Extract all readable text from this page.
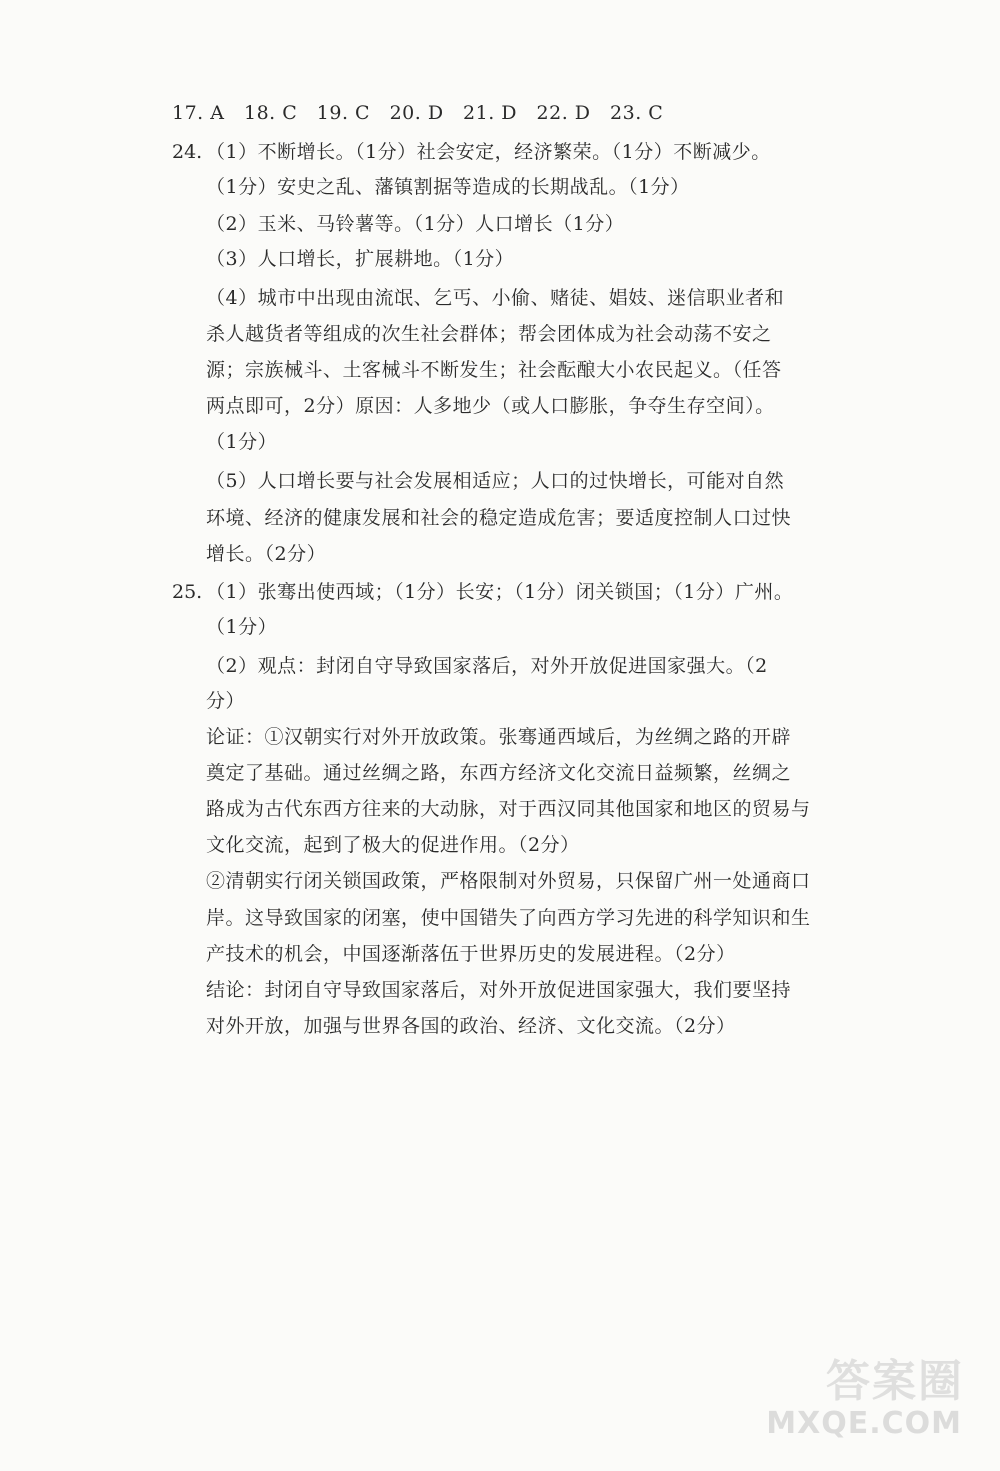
17. A　18. C　19. C　20. D　21. D　22. D　23. C
24. （1）不断增长。（1分）社会安定，经济繁荣。（1分）不断减少。
（1分）安史之乱、藩镇割据等造成的长期战乱。（1分）
（2）玉米、马铃薯等。（1分）人口增长（1分）
（3）人口增长，扩展耕地。（1分）
（4）城市中出现由流氓、乞丐、小偷、赌徒、娼妓、迷信职业者和
杀人越货者等组成的次生社会群体；帮会团体成为社会动荡不安之
源；宗族械斗、土客械斗不断发生；社会酝酿大小农民起义。（任答
两点即可，2分）原因：人多地少（或人口膨胀，争夺生存空间）。
（1分）
（5）人口增长要与社会发展相适应；人口的过快增长，可能对自然
环境、经济的健康发展和社会的稳定造成危害；要适度控制人口过快
增长。（2分）
25. （1）张骞出使西域；（1分）长安；（1分）闭关锁国；（1分）广州。
（1分）
（2）观点：封闭自守导致国家落后，对外开放促进国家强大。（2
分）
论证：①汉朝实行对外开放政策。张骞通西域后，为丝绸之路的开辟
奠定了基础。通过丝绸之路，东西方经济文化交流日益频繁，丝绸之
路成为古代东西方往来的大动脉，对于西汉同其他国家和地区的贸易与
文化交流，起到了极大的促进作用。（2分）
②清朝实行闭关锁国政策，严格限制对外贸易，只保留广州一处通商口
岸。这导致国家的闭塞，使中国错失了向西方学习先进的科学知识和生
产技术的机会，中国逐渐落伍于世界历史的发展进程。（2分）
结论：封闭自守导致国家落后，对外开放促进国家强大，我们要坚持
对外开放，加强与世界各国的政治、经济、文化交流。（2分）
答案圈
MXQE.COM
